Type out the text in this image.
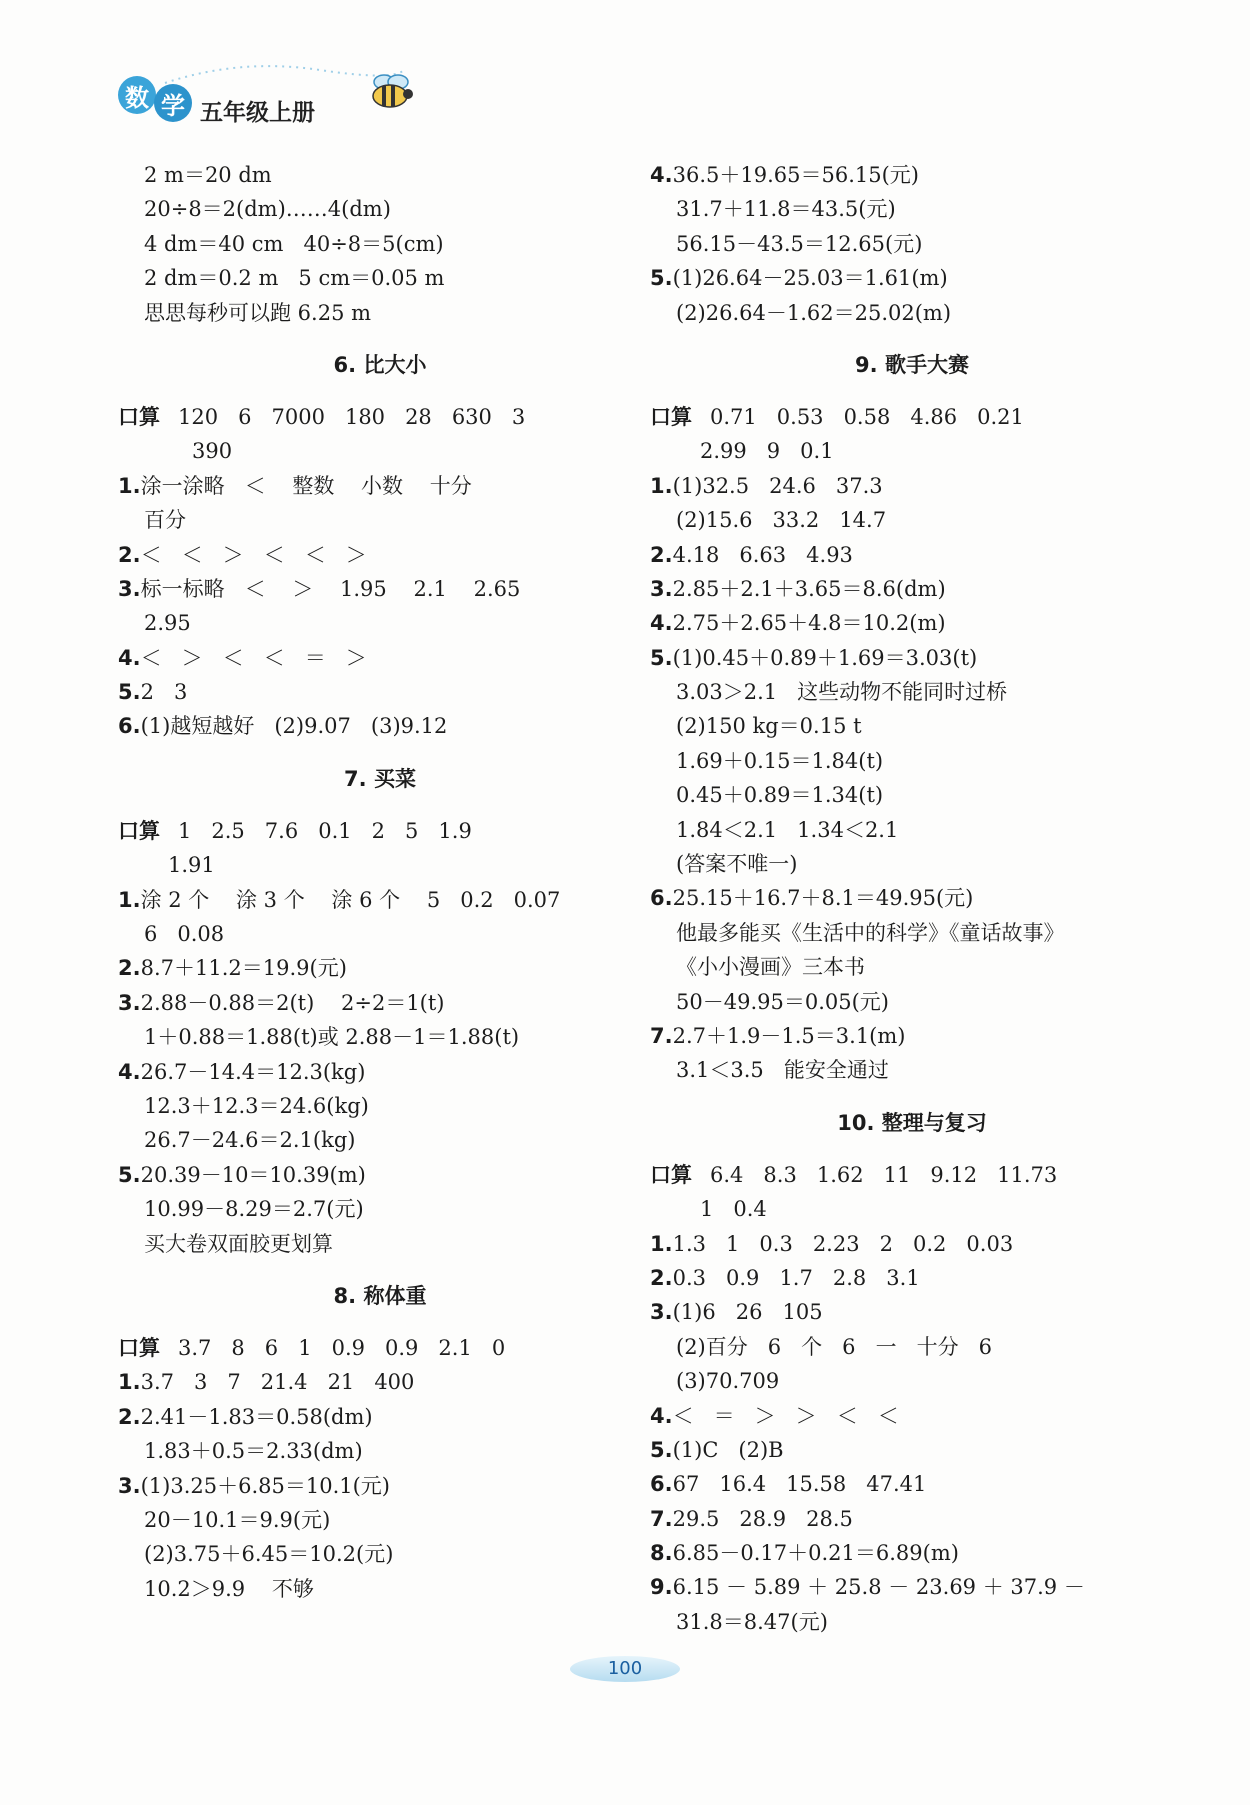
数 学 五年级上册
2 m＝20 dm
20÷8＝2(dm)……4(dm)
4 dm＝40 cm   40÷8＝5(cm)
2 dm＝0.2 m   5 cm＝0.05 m
思思每秒可以跑 6.25 m
6. 比大小
口算 120   6   7000   180   28   630   3
390
1.涂一涂略   ＜    整数    小数    十分
百分
2.＜   ＜   ＞   ＜   ＜   ＞
3.标一标略   ＜    ＞    1.95    2.1    2.65
2.95
4.＜   ＞   ＜   ＜   ＝   ＞
5.2   3
6.(1)越短越好   (2)9.07   (3)9.12
7. 买菜
口算 1   2.5   7.6   0.1   2   5   1.9
1.91
1.涂 2 个    涂 3 个    涂 6 个    5   0.2   0.07
6   0.08
2.8.7＋11.2＝19.9(元)
3.2.88－0.88＝2(t)    2÷2＝1(t)
1＋0.88＝1.88(t)或 2.88－1＝1.88(t)
4.26.7－14.4＝12.3(kg)
12.3＋12.3＝24.6(kg)
26.7－24.6＝2.1(kg)
5.20.39－10＝10.39(m)
10.99－8.29＝2.7(元)
买大卷双面胶更划算
8. 称体重
口算 3.7   8   6   1   0.9   0.9   2.1   0
1.3.7   3   7   21.4   21   400
2.2.41－1.83＝0.58(dm)
1.83＋0.5＝2.33(dm)
3.(1)3.25＋6.85＝10.1(元)
20－10.1＝9.9(元)
(2)3.75＋6.45＝10.2(元)
10.2＞9.9    不够
4.36.5＋19.65＝56.15(元)
31.7＋11.8＝43.5(元)
56.15－43.5＝12.65(元)
5.(1)26.64－25.03＝1.61(m)
(2)26.64－1.62＝25.02(m)
9. 歌手大赛
口算 0.71   0.53   0.58   4.86   0.21
2.99   9   0.1
1.(1)32.5   24.6   37.3
(2)15.6   33.2   14.7
2.4.18   6.63   4.93
3.2.85＋2.1＋3.65＝8.6(dm)
4.2.75＋2.65＋4.8＝10.2(m)
5.(1)0.45＋0.89＋1.69＝3.03(t)
3.03＞2.1   这些动物不能同时过桥
(2)150 kg＝0.15 t
1.69＋0.15＝1.84(t)
0.45＋0.89＝1.34(t)
1.84＜2.1   1.34＜2.1
(答案不唯一)
6.25.15＋16.7＋8.1＝49.95(元)
他最多能买《生活中的科学》《童话故事》
《小小漫画》三本书
50－49.95＝0.05(元)
7.2.7＋1.9－1.5＝3.1(m)
3.1＜3.5   能安全通过
10. 整理与复习
口算 6.4   8.3   1.62   11   9.12   11.73
1   0.4
1.1.3   1   0.3   2.23   2   0.2   0.03
2.0.3   0.9   1.7   2.8   3.1
3.(1)6   26   105
(2)百分   6   个   6   一   十分   6
(3)70.709
4.＜   ＝   ＞   ＞   ＜   ＜
5.(1)C   (2)B
6.67   16.4   15.58   47.41
7.29.5   28.9   28.5
8.6.85－0.17＋0.21＝6.89(m)
9.6.15 － 5.89 ＋ 25.8 － 23.69 ＋ 37.9 －
31.8＝8.47(元)
100
